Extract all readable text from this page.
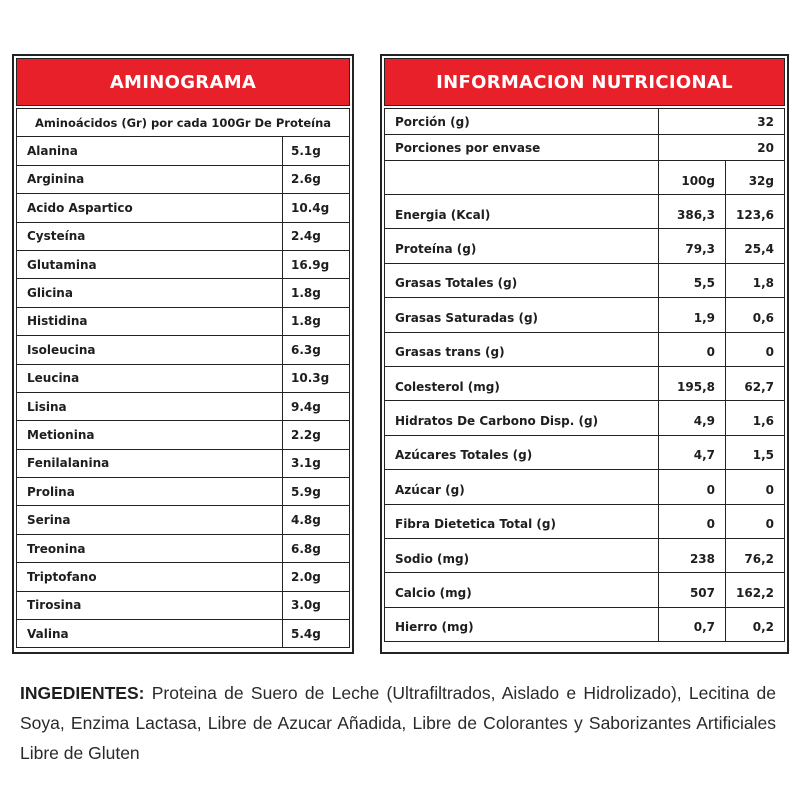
AMINOGRAMA
Aminoácidos (Gr) por cada 100Gr De Proteína	
Alanina	5.1g
Arginina	2.6g
Acido Aspartico	10.4g
Cysteína	2.4g
Glutamina	16.9g
Glicina	1.8g
Histidina	1.8g
Isoleucina	6.3g
Leucina	10.3g
Lisina	9.4g
Metionina	2.2g
Fenilalanina	3.1g
Prolina	5.9g
Serina	4.8g
Treonina	6.8g
Triptofano	2.0g
Tirosina	3.0g
Valina	5.4g
INFORMACION NUTRICIONAL
Porción (g)	32	
Porciones por envase	20	
	100g	32g
Energia (Kcal)	386,3	123,6
Proteína (g)	79,3	25,4
Grasas Totales (g)	5,5	1,8
Grasas Saturadas (g)	1,9	0,6
Grasas trans (g)	0	0
Colesterol (mg)	195,8	62,7
Hidratos De Carbono Disp. (g)	4,9	1,6
Azúcares Totales (g)	4,7	1,5
Azúcar (g)	0	0
Fibra Dietetica Total (g)	0	0
Sodio (mg)	238	76,2
Calcio (mg)	507	162,2
Hierro (mg)	0,7	0,2
INGEDIENTES: Proteina de Suero de Leche (Ultrafiltrados, Aislado e Hidrolizado), Lecitina de Soya, Enzima Lactasa, Libre de Azucar Añadida, Libre de Colorantes y Saborizantes Artificiales Libre de Gluten
